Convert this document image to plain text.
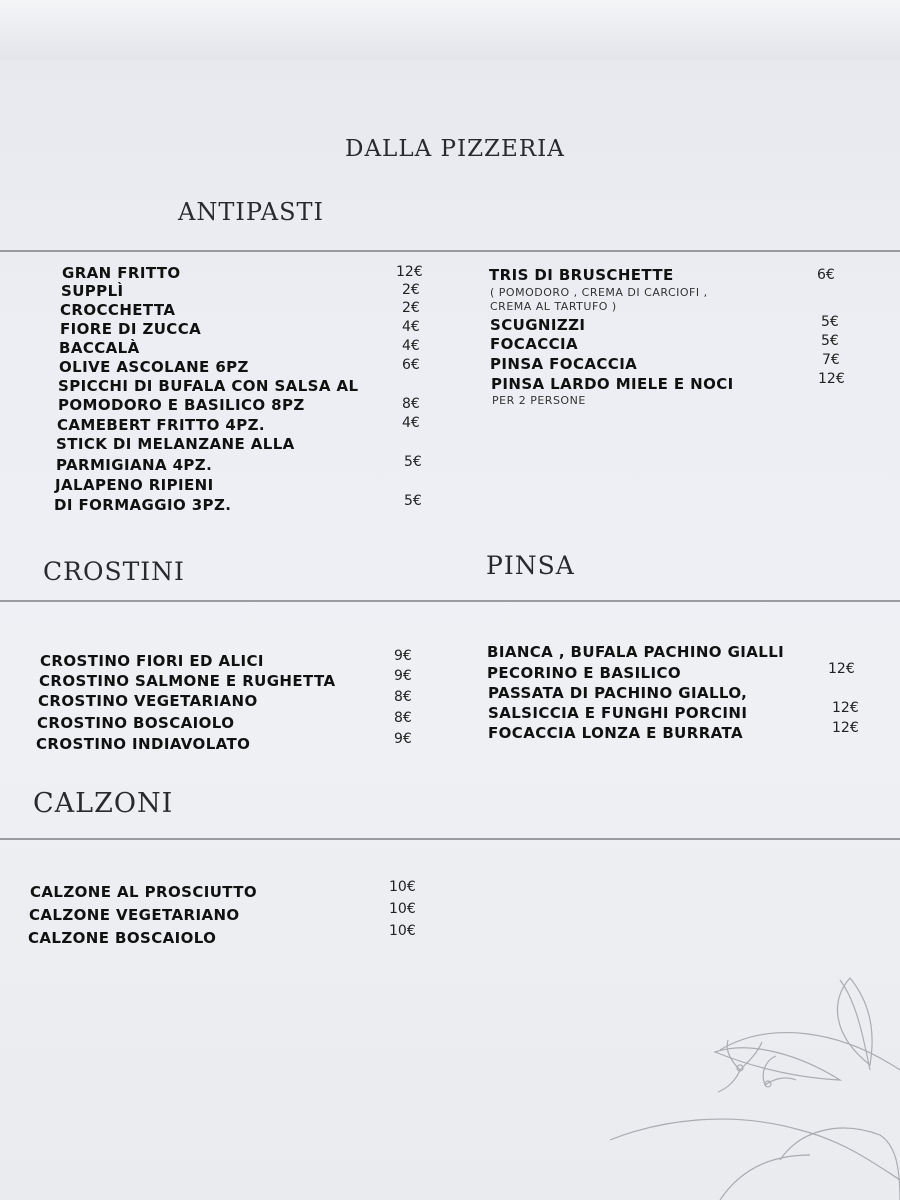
DALLA PIZZERIA
ANTIPASTI
GRAN FRITTO	12€
SUPPLÌ	2€
CROCCHETTA	2€
FIORE DI ZUCCA	4€
BACCALÀ	4€
OLIVE ASCOLANE 6PZ	6€
SPICCHI DI BUFALA CON SALSA AL
POMODORO E BASILICO 8PZ	8€
CAMEBERT FRITTO 4PZ.	4€
STICK DI MELANZANE ALLA
PARMIGIANA 4PZ.	5€
JALAPENO RIPIENI
DI FORMAGGIO 3PZ.	5€
TRIS DI BRUSCHETTE	6€
( POMODORO , CREMA DI CARCIOFI ,
CREMA AL TARTUFO )
SCUGNIZZI	5€
FOCACCIA	5€
PINSA FOCACCIA	7€
PINSA LARDO MIELE E NOCI	12€
PER 2 PERSONE
CROSTINI	PINSA
CROSTINO FIORI ED ALICI	9€
CROSTINO SALMONE E RUGHETTA	9€
CROSTINO VEGETARIANO	8€
CROSTINO BOSCAIOLO	8€
CROSTINO INDIAVOLATO	9€
BIANCA , BUFALA PACHINO GIALLI
PECORINO E BASILICO	12€
PASSATA DI PACHINO GIALLO,
SALSICCIA E FUNGHI PORCINI	12€
FOCACCIA LONZA E BURRATA	12€
CALZONI
CALZONE AL PROSCIUTTO	10€
CALZONE VEGETARIANO	10€
CALZONE BOSCAIOLO	10€
